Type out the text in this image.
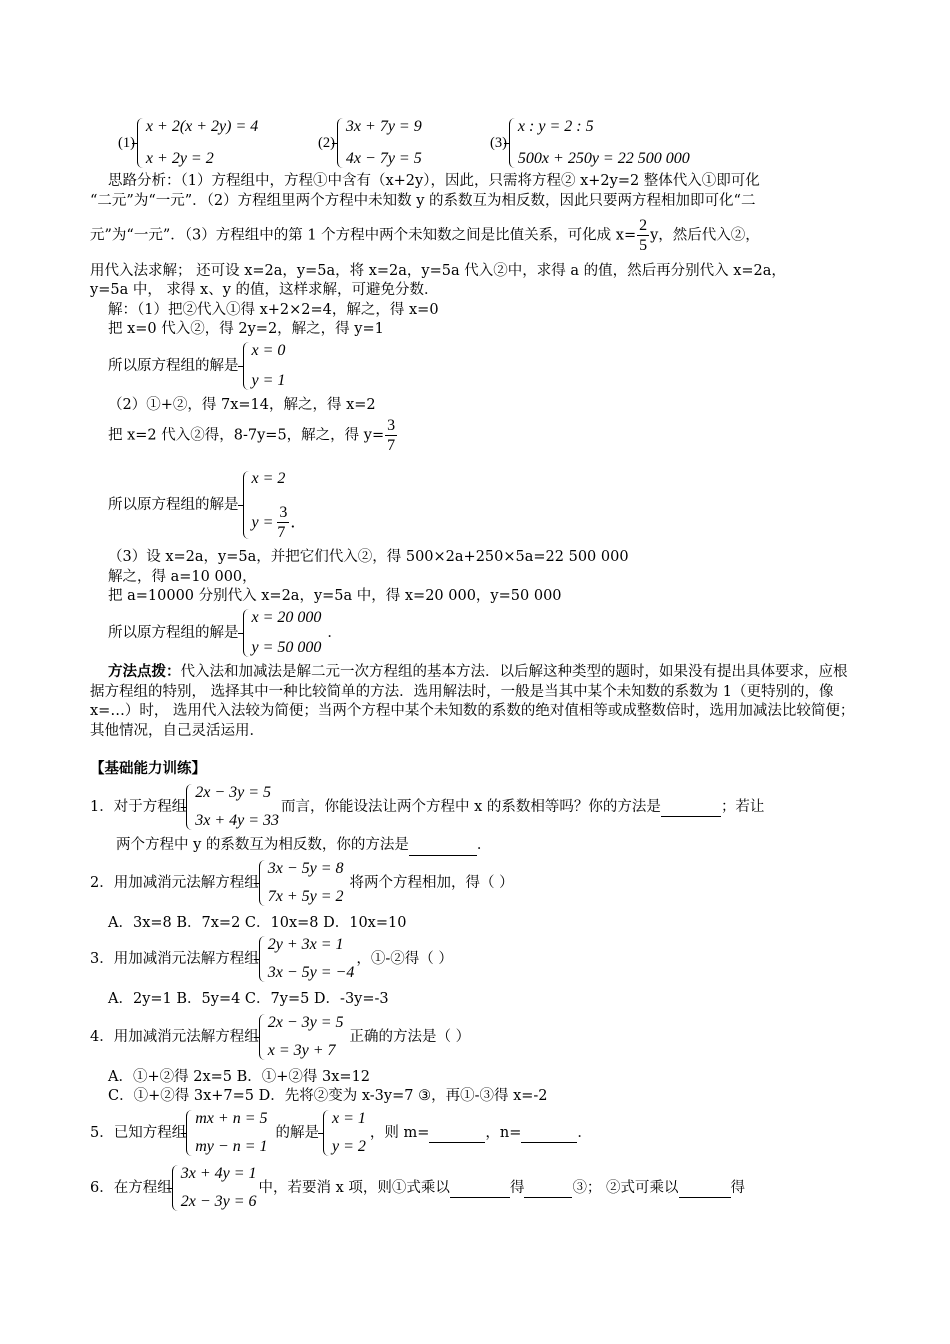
(1)
x + 2(x + 2y) = 4
x + 2y = 2
(2)
3x + 7y = 9
4x − 7y = 5
(3)
x : y = 2 : 5
500x + 250y = 22 500 000
思路分析：（1）方程组中，方程①中含有（x+2y），因此，只需将方程② x+2y=2 整体代入①即可化
“二元”为“一元”．（2）方程组里两个方程中未知数 y 的系数互为相反数，因此只要两方程相加即可化“二
元”为“一元”．（3）方程组中的第 1 个方程中两个未知数之间是比值关系，可化成 $x= \frac{2}{5}$ y，然后代入②，
用代入法求解； 还可设 x=2a，y=5a，将 x=2a，y=5a 代入②中，求得 a 的值，然后再分别代入 x=2a，
y=5a 中， 求得 x、y 的值，这样求解，可避免分数．
解：（1）把②代入①得 x+2×2=4，解之，得 x=0
把 x=0 代入②，得 2y=2，解之，得 y=1
所以原方程组的解是
x = 0
y = 1
（2）①+②，得 7x=14，解之，得 x=2
把 x=2 代入②得，8-7y=5，解之，得 $y= \frac{3}{7}$
所以原方程组的解是
x = 2
$y = \frac{3}{7}$ ．
（3）设 x=2a，y=5a，并把它们代入②，得 500×2a+250×5a=22 500 000
解之，得 a=10 000，
把 a=10000 分别代入 x=2a，y=5a 中，得 x=20 000，y=50 000
所以原方程组的解是
x = 20 000
y = 50 000
．
方法点拨：代入法和加减法是解二元一次方程组的基本方法．以后解这种类型的题时，如果没有提出具体要求，应根据方程组的特别， 选择其中一种比较简单的方法．选用解法时，一般是当其中某个未知数的系数为 1（更特别的，像 x=…）时， 选用代入法较为简便；当两个方程中某个未知数的系数的绝对值相等或成整数倍时，选用加减法比较简便；其他情况，自己灵活运用．
【基础能力训练】
1．对于方程组
2x − 3y = 5
3x + 4y = 33
而言，你能设法让两个方程中 x 的系数相等吗？你的方法是	；若让
两个方程中 y 的系数互为相反数，你的方法是	．
2．用加减消元法解方程组
3x − 5y = 8
7x + 5y = 2
将两个方程相加，得（ ）
A．3x=8 B．7x=2 C．10x=8 D．10x=10
3．用加减消元法解方程组
2y + 3x = 1
3x − 5y = −4
，①-②得（ ）
A．2y=1 B．5y=4 C．7y=5 D．-3y=-3
4．用加减消元法解方程组
2x − 3y = 5
x = 3y + 7
正确的方法是（ ）
A．①+②得 2x=5 B．①+②得 3x=12
C．①+②得 3x+7=5 D．先将②变为 x-3y=7 ③，再①-③得 x=-2
5．已知方程组
mx + n = 5
my − n = 1
的解是
x = 1
y = 2
，则 m=	，n=	．
6．在方程组
3x + 4y = 1
2x − 3y = 6
中，若要消 x 项，则①式乘以	得	③； ②式可乘以	得
